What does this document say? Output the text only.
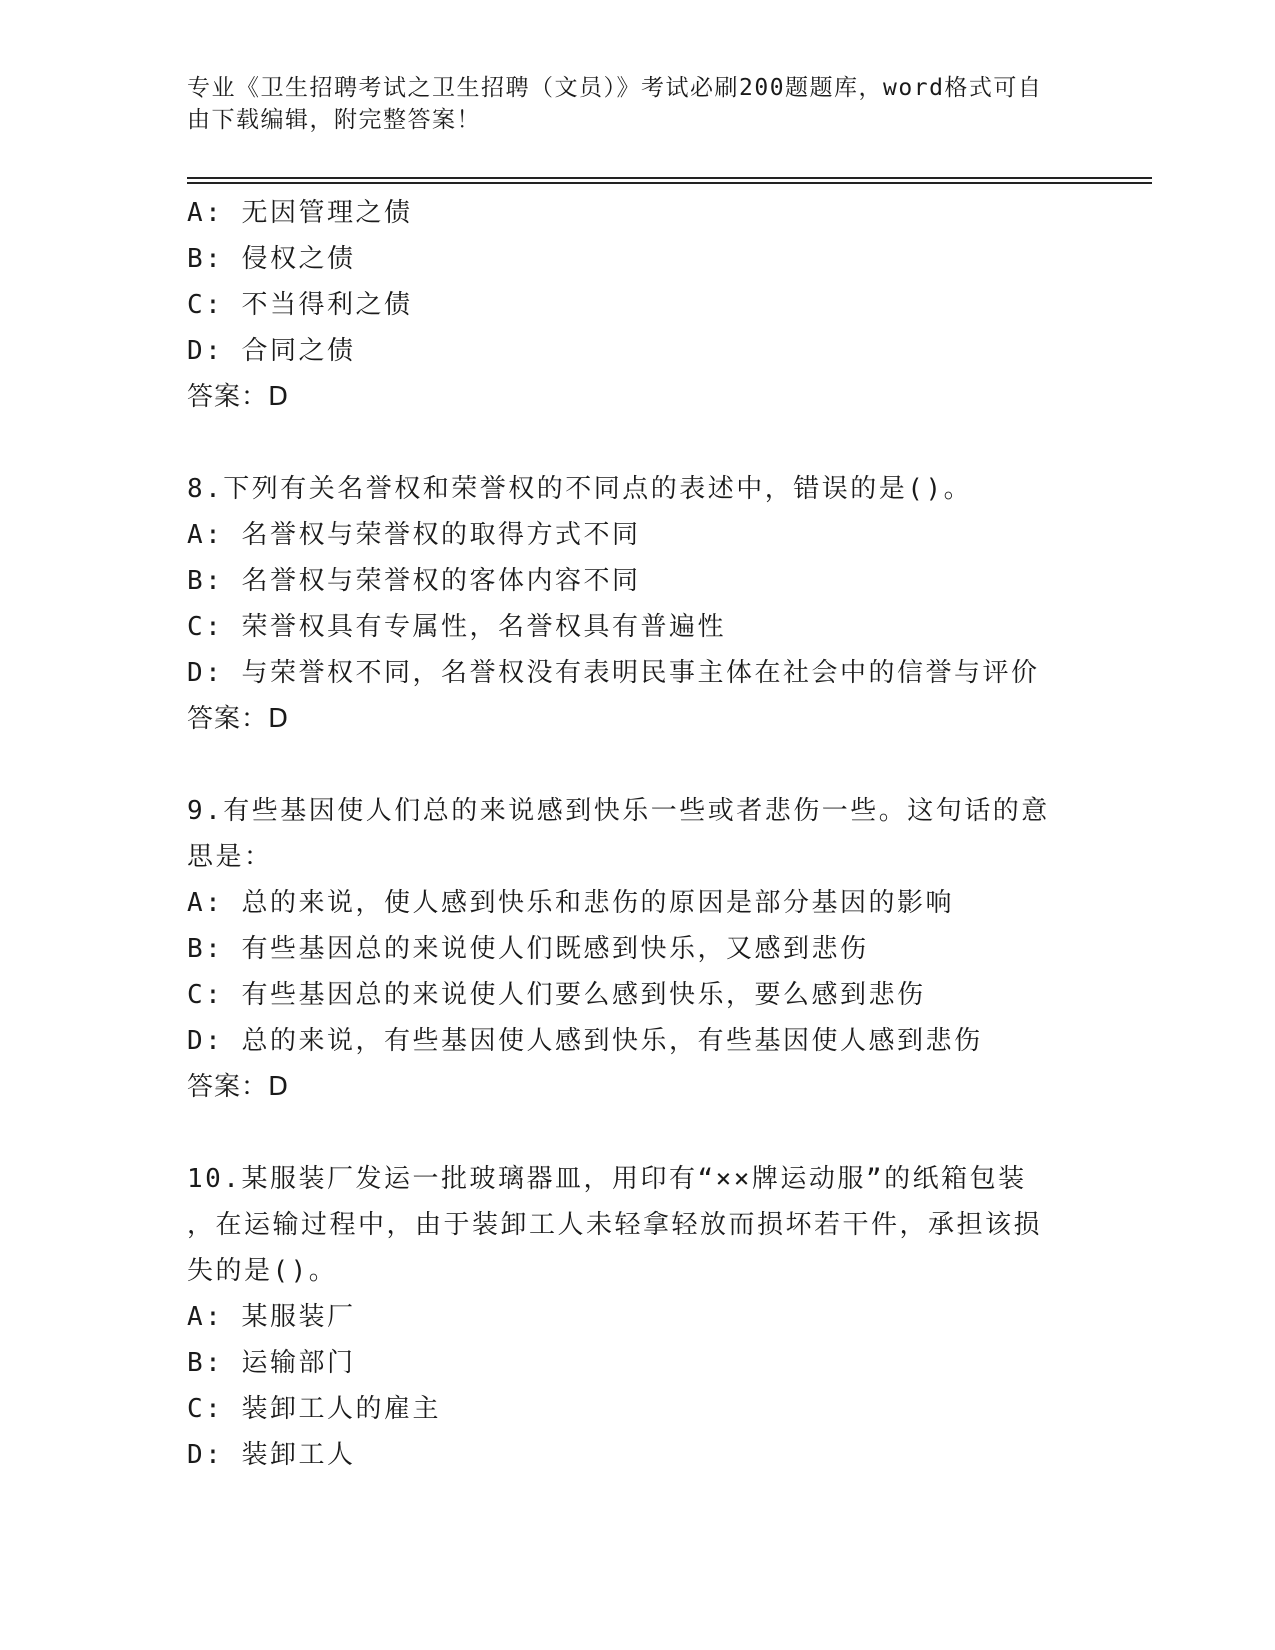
专业《卫生招聘考试之卫生招聘（文员）》考试必刷200题题库，word格式可自
由下载编辑，附完整答案！
A: 无因管理之债
B: 侵权之债
C: 不当得利之债
D: 合同之债
答案：D
8.下列有关名誉权和荣誉权的不同点的表述中，错误的是()。
A: 名誉权与荣誉权的取得方式不同
B: 名誉权与荣誉权的客体内容不同
C: 荣誉权具有专属性，名誉权具有普遍性
D: 与荣誉权不同，名誉权没有表明民事主体在社会中的信誉与评价
答案：D
9.有些基因使人们总的来说感到快乐一些或者悲伤一些。这句话的意
思是：
A: 总的来说，使人感到快乐和悲伤的原因是部分基因的影响
B: 有些基因总的来说使人们既感到快乐，又感到悲伤
C: 有些基因总的来说使人们要么感到快乐，要么感到悲伤
D: 总的来说，有些基因使人感到快乐，有些基因使人感到悲伤
答案：D
10.某服装厂发运一批玻璃器皿，用印有“××牌运动服”的纸箱包装
，在运输过程中，由于装卸工人未轻拿轻放而损坏若干件，承担该损
失的是()。
A: 某服装厂
B: 运输部门
C: 装卸工人的雇主
D: 装卸工人
